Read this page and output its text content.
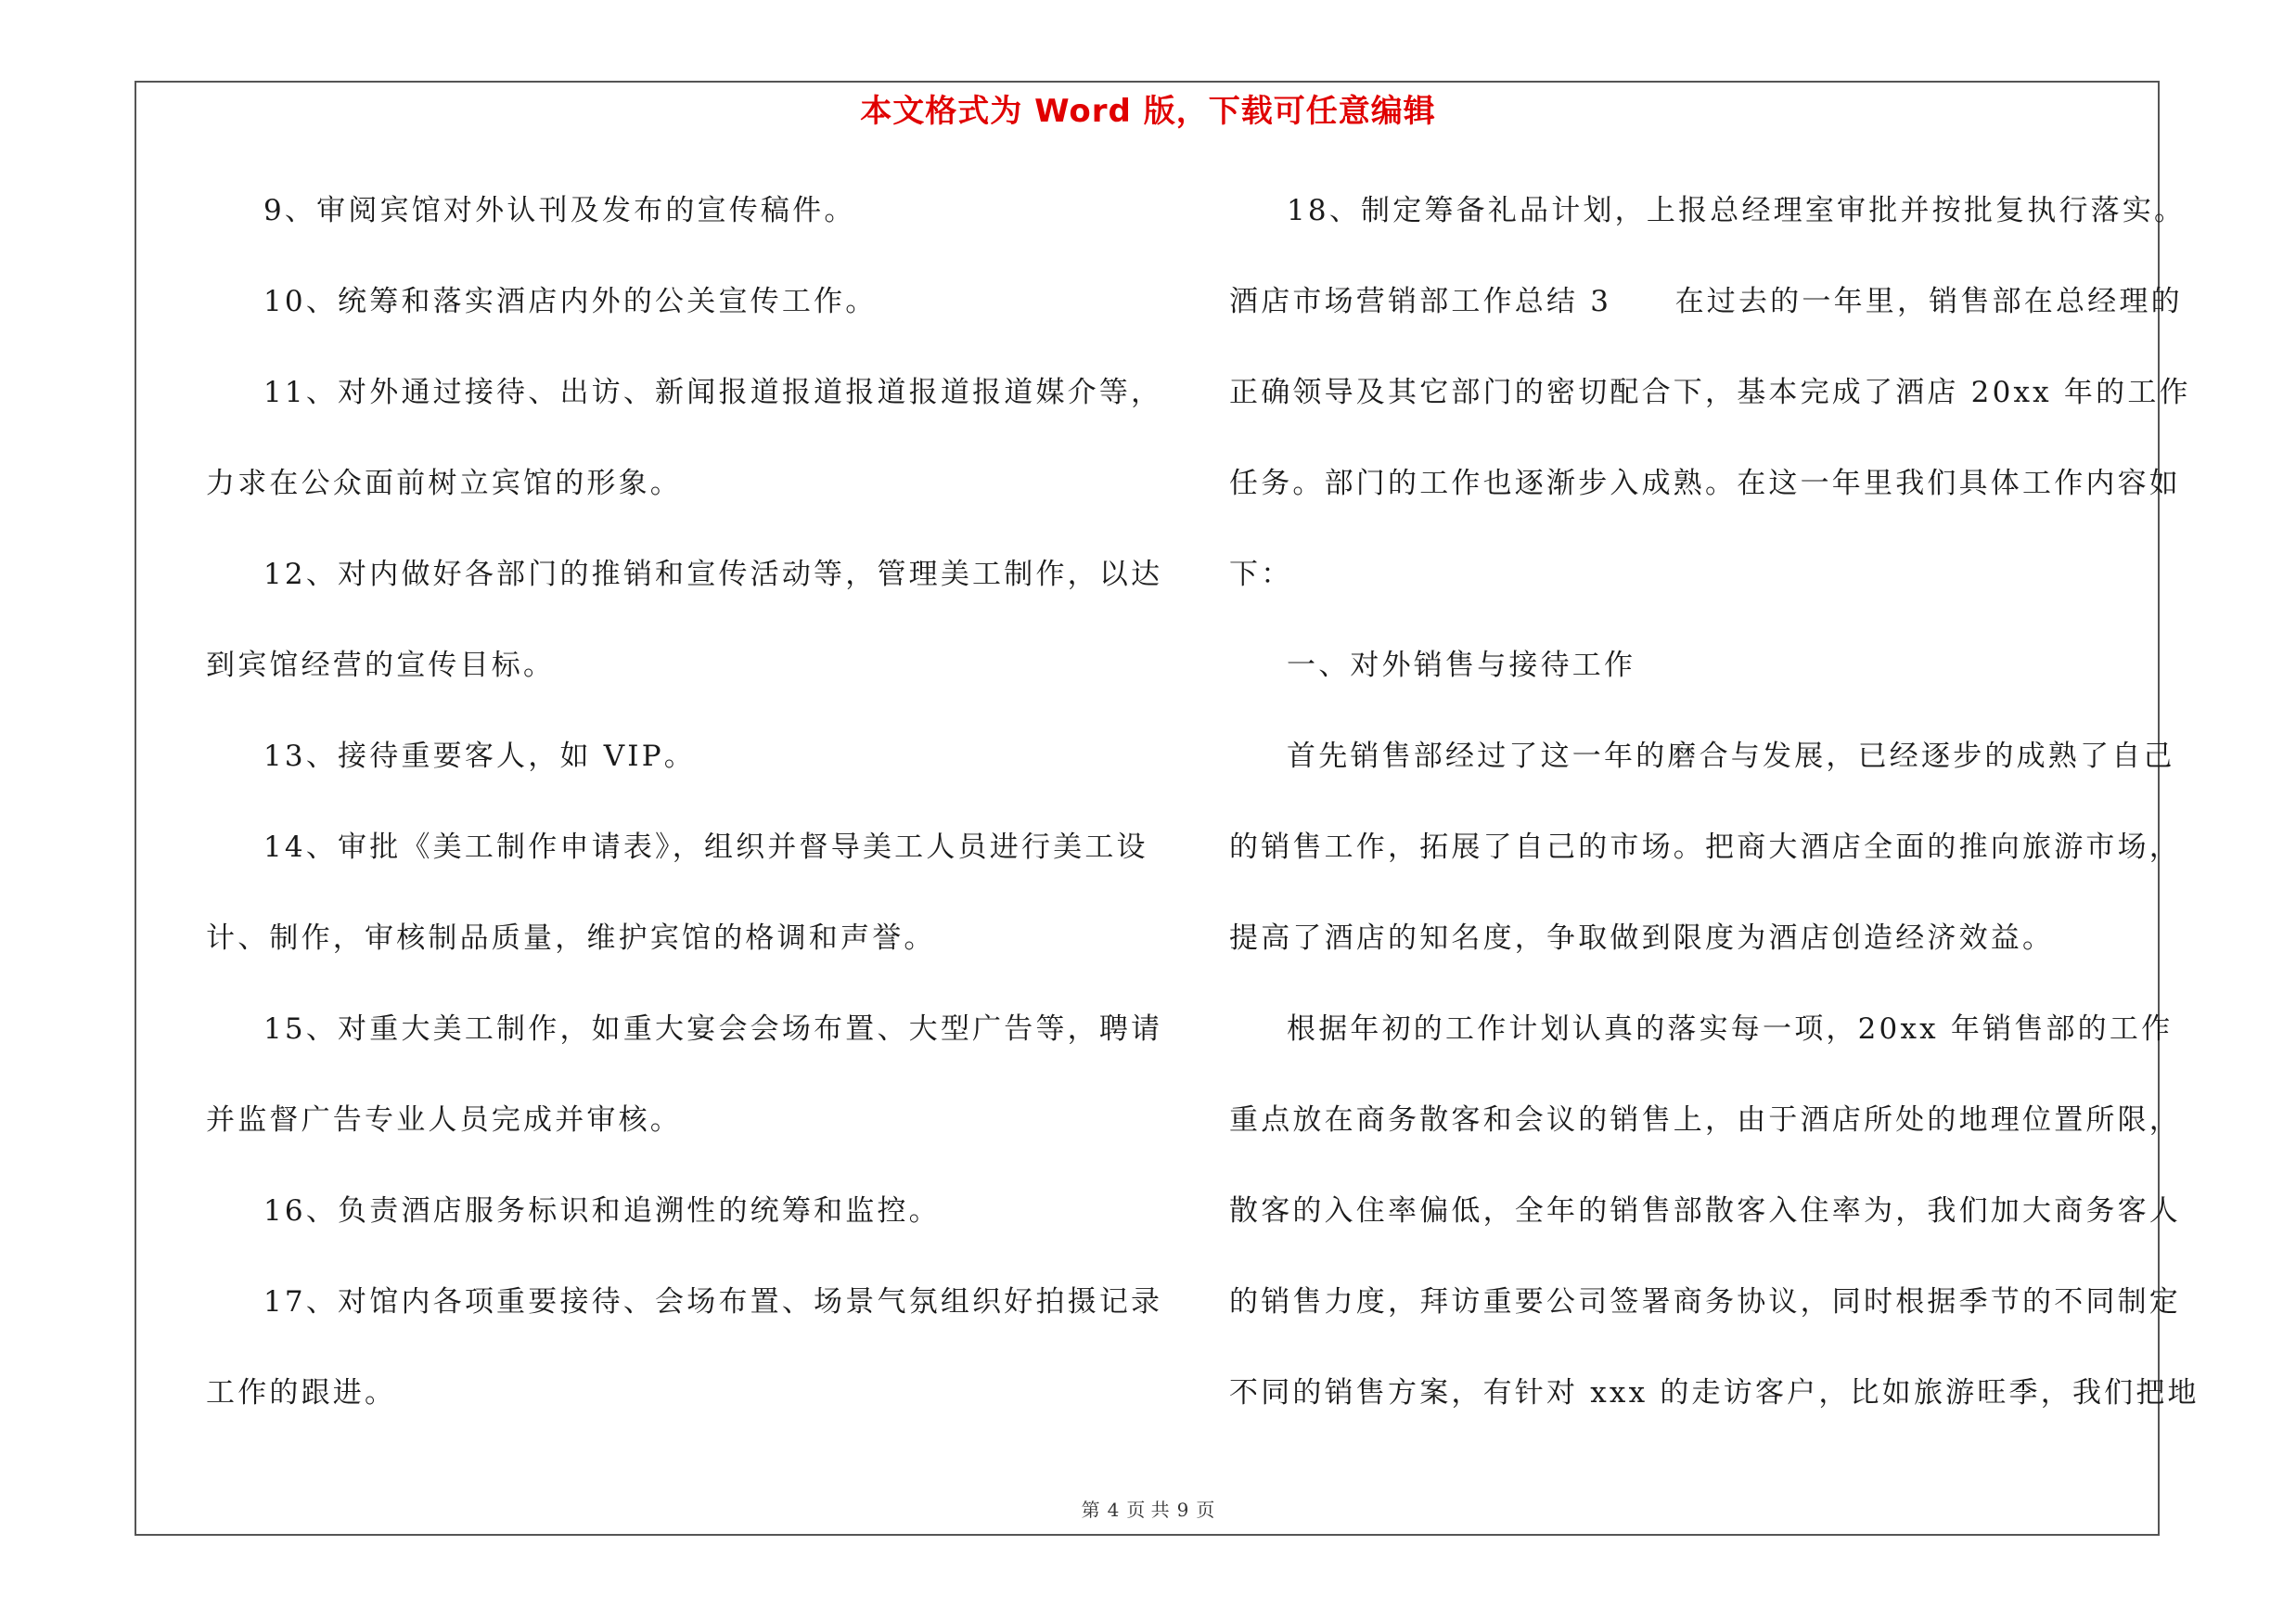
本文格式为 Word 版，下载可任意编辑
9、审阅宾馆对外认刊及发布的宣传稿件。
10、统筹和落实酒店内外的公关宣传工作。
11、对外通过接待、出访、新闻报道报道报道报道报道媒介等，
力求在公众面前树立宾馆的形象。
12、对内做好各部门的推销和宣传活动等，管理美工制作，以达
到宾馆经营的宣传目标。
13、接待重要客人，如 VIP。
14、审批《美工制作申请表》，组织并督导美工人员进行美工设
计、制作，审核制品质量，维护宾馆的格调和声誉。
15、对重大美工制作，如重大宴会会场布置、大型广告等，聘请
并监督广告专业人员完成并审核。
16、负责酒店服务标识和追溯性的统筹和监控。
17、对馆内各项重要接待、会场布置、场景气氛组织好拍摄记录
工作的跟进。
18、制定筹备礼品计划，上报总经理室审批并按批复执行落实。
酒店市场营销部工作总结 3　　在过去的一年里，销售部在总经理的
正确领导及其它部门的密切配合下，基本完成了酒店 20xx 年的工作
任务。部门的工作也逐渐步入成熟。在这一年里我们具体工作内容如
下：
一、对外销售与接待工作
首先销售部经过了这一年的磨合与发展，已经逐步的成熟了自己
的销售工作，拓展了自己的市场。把商大酒店全面的推向旅游市场，
提高了酒店的知名度，争取做到限度为酒店创造经济效益。
根据年初的工作计划认真的落实每一项，20xx 年销售部的工作
重点放在商务散客和会议的销售上，由于酒店所处的地理位置所限，
散客的入住率偏低，全年的销售部散客入住率为，我们加大商务客人
的销售力度，拜访重要公司签署商务协议，同时根据季节的不同制定
不同的销售方案，有针对 xxx 的走访客户，比如旅游旺季，我们把地
第 4 页 共 9 页
